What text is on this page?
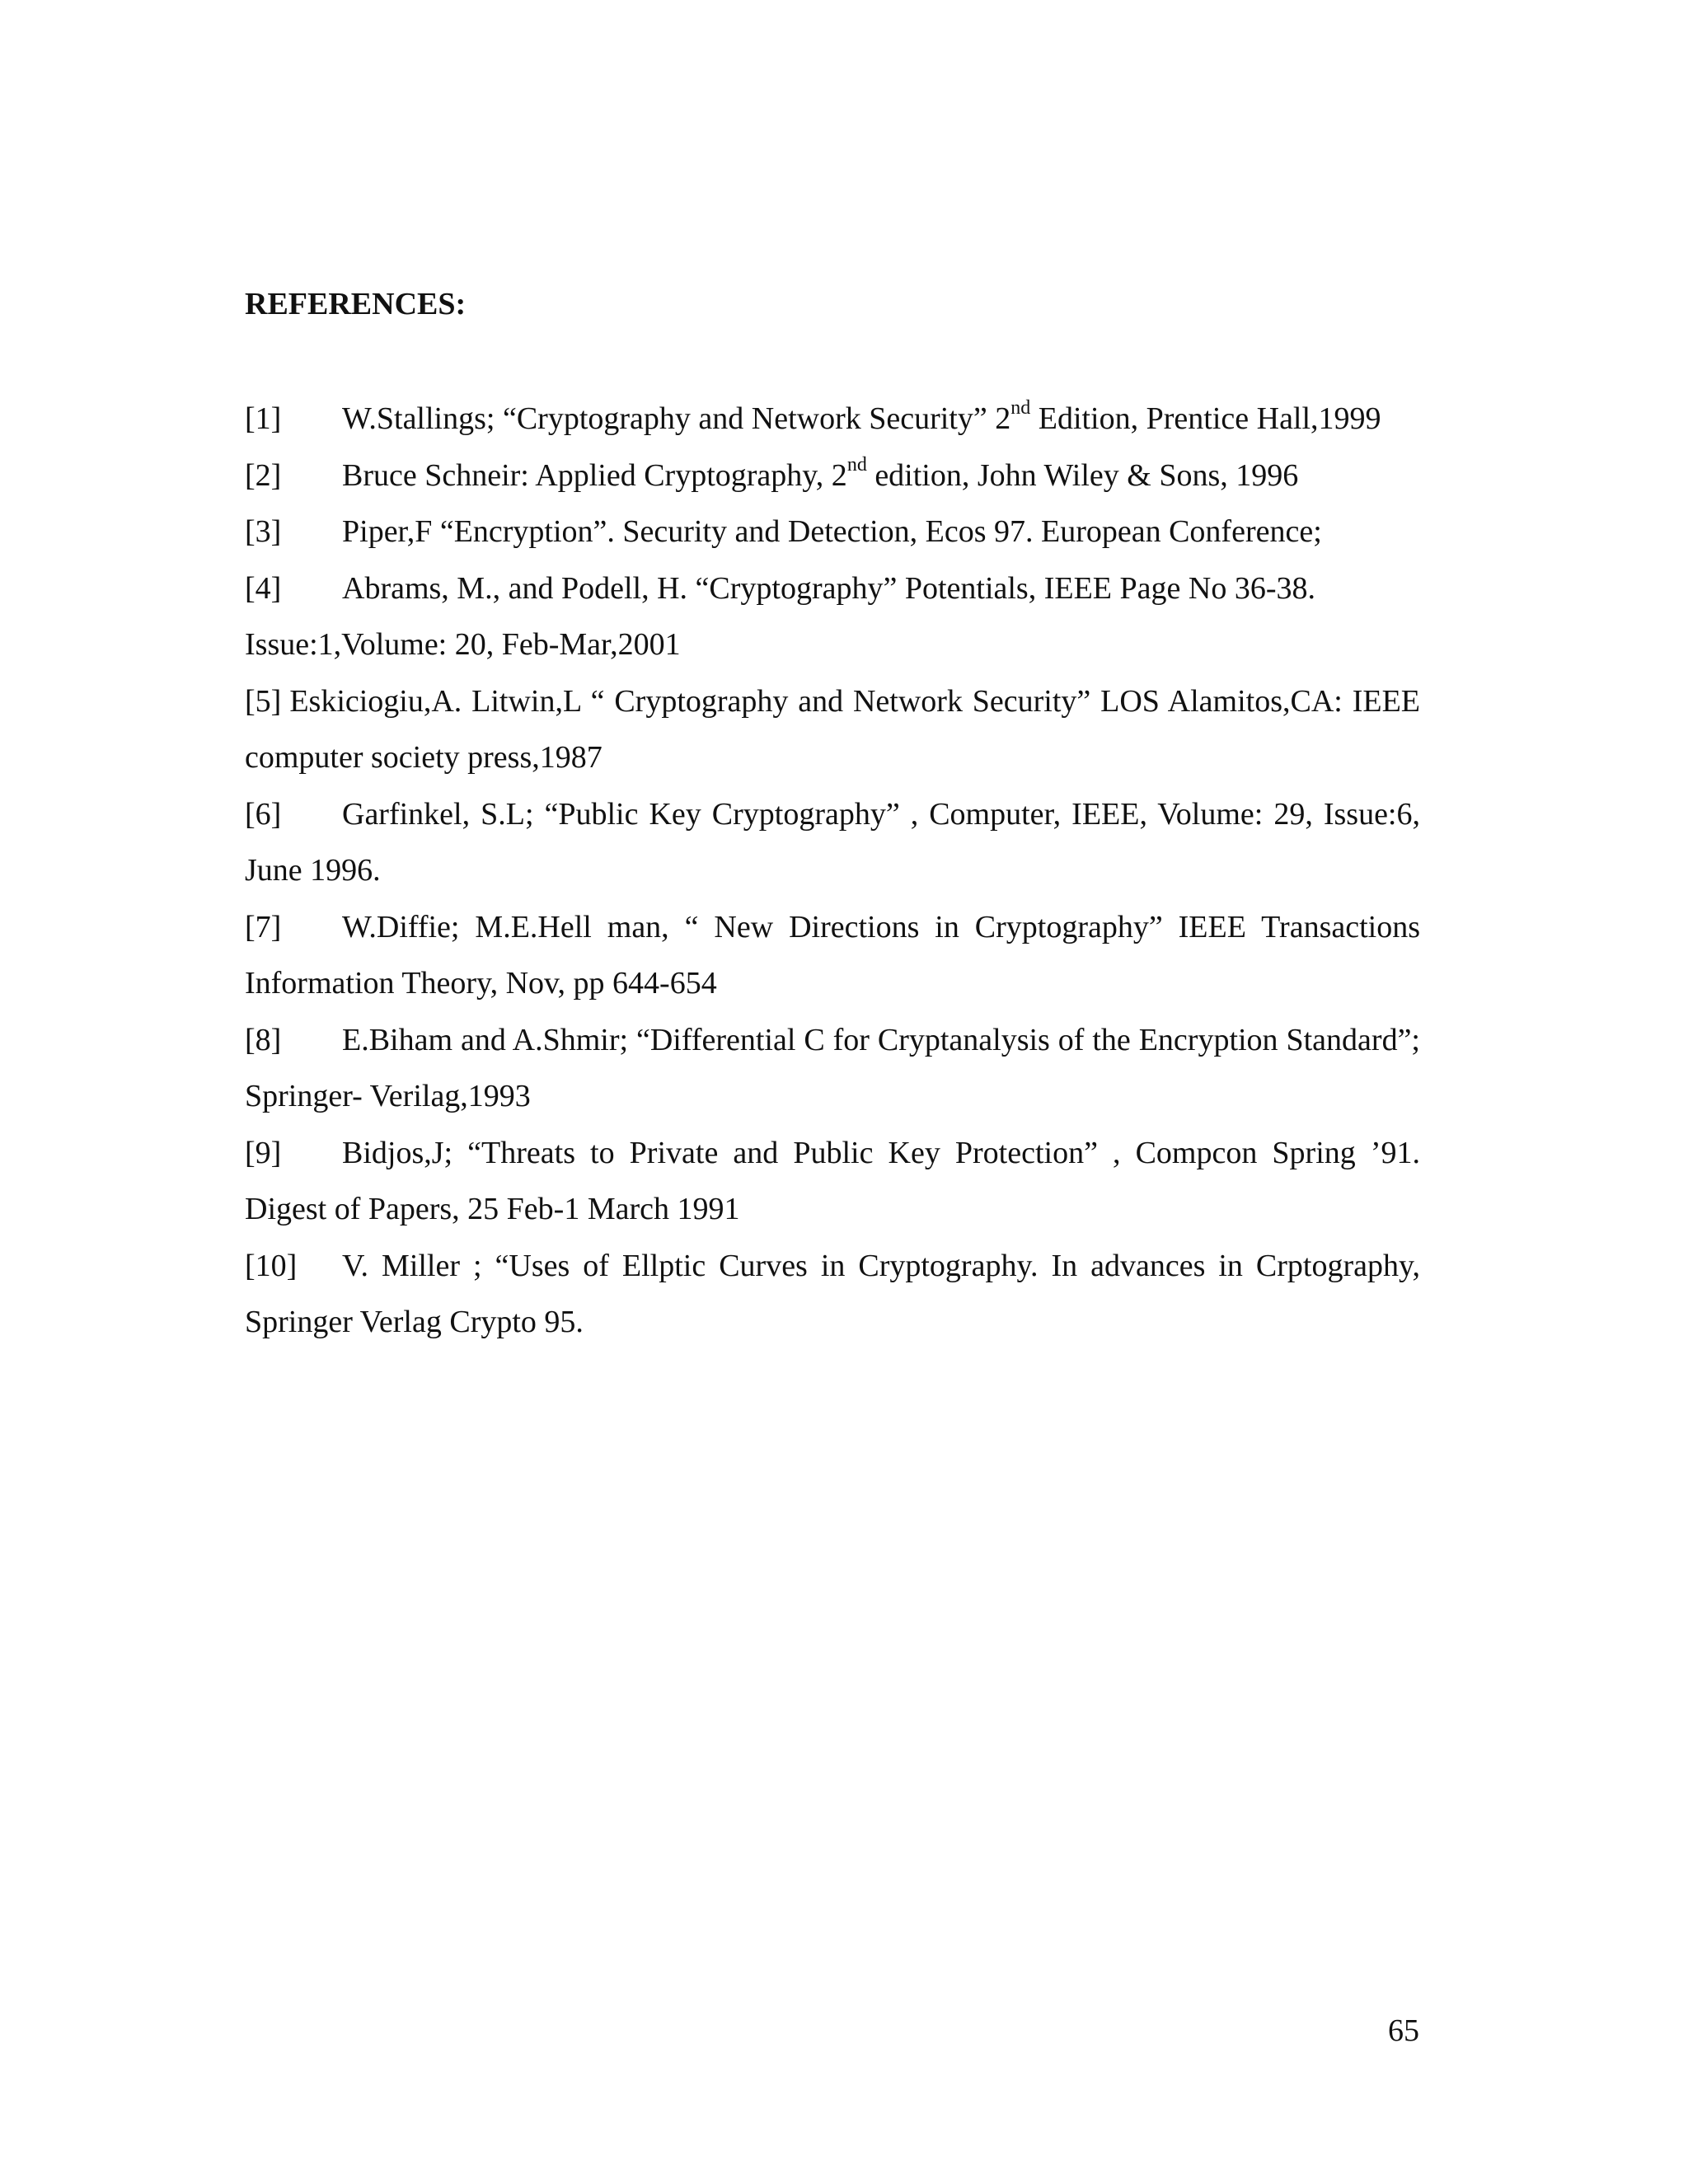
REFERENCES:

[1] W.Stallings; “Cryptography and Network Security” 2nd Edition, Prentice Hall,1999

[2] Bruce Schneir: Applied Cryptography, 2nd edition, John Wiley & Sons, 1996

[3] Piper,F “Encryption”. Security and Detection, Ecos 97. European Conference;

[4] Abrams, M., and Podell, H. “Cryptography” Potentials, IEEE Page No 36-38.
Issue:1,Volume: 20, Feb-Mar,2001

[5] Eskiciogiu,A. Litwin,L “ Cryptography and Network Security” LOS Alamitos,CA: IEEE computer society press,1987

[6] Garfinkel, S.L; “Public Key Cryptography” , Computer, IEEE, Volume: 29, Issue:6, June 1996.

[7] W.Diffie; M.E.Hell man, “ New Directions in Cryptography” IEEE Transactions Information Theory, Nov, pp 644-654

[8] E.Biham and A.Shmir; “Differential C for Cryptanalysis of the Encryption Standard”; Springer- Verilag,1993

[9] Bidjos,J; “Threats to Private and Public Key Protection” , Compcon Spring ’91. Digest of Papers, 25 Feb-1 March 1991

[10] V. Miller ; “Uses of Ellptic Curves in Cryptography. In advances in Crptography, Springer Verlag Crypto 95.

65
